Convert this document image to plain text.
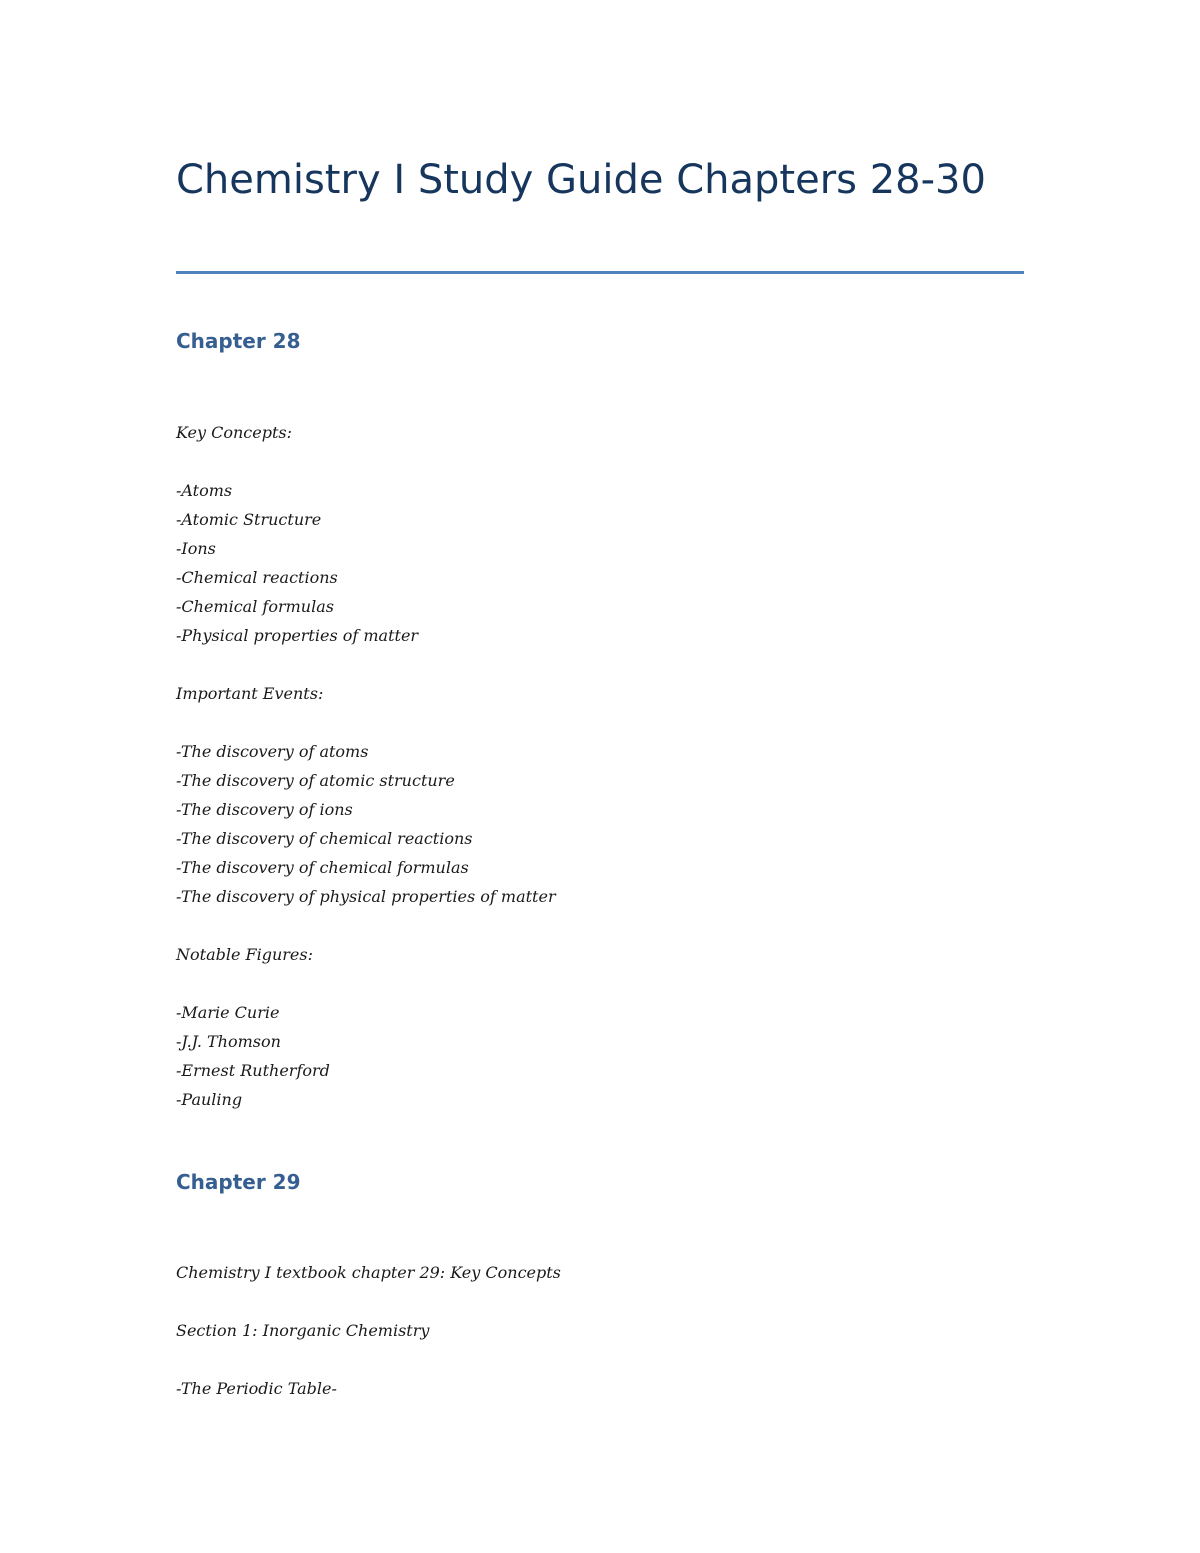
Chemistry I Study Guide Chapters 28-30
Chapter 28

Key Concepts:

-Atoms

-Atomic Structure

-Ions

-Chemical reactions

-Chemical formulas

-Physical properties of matter

Important Events:

-The discovery of atoms

-The discovery of atomic structure

-The discovery of ions

-The discovery of chemical reactions

-The discovery of chemical formulas

-The discovery of physical properties of matter

Notable Figures:

-Marie Curie

-J.J. Thomson

-Ernest Rutherford

-Pauling

Chapter 29

Chemistry I textbook chapter 29: Key Concepts

Section 1: Inorganic Chemistry

-The Periodic Table-
